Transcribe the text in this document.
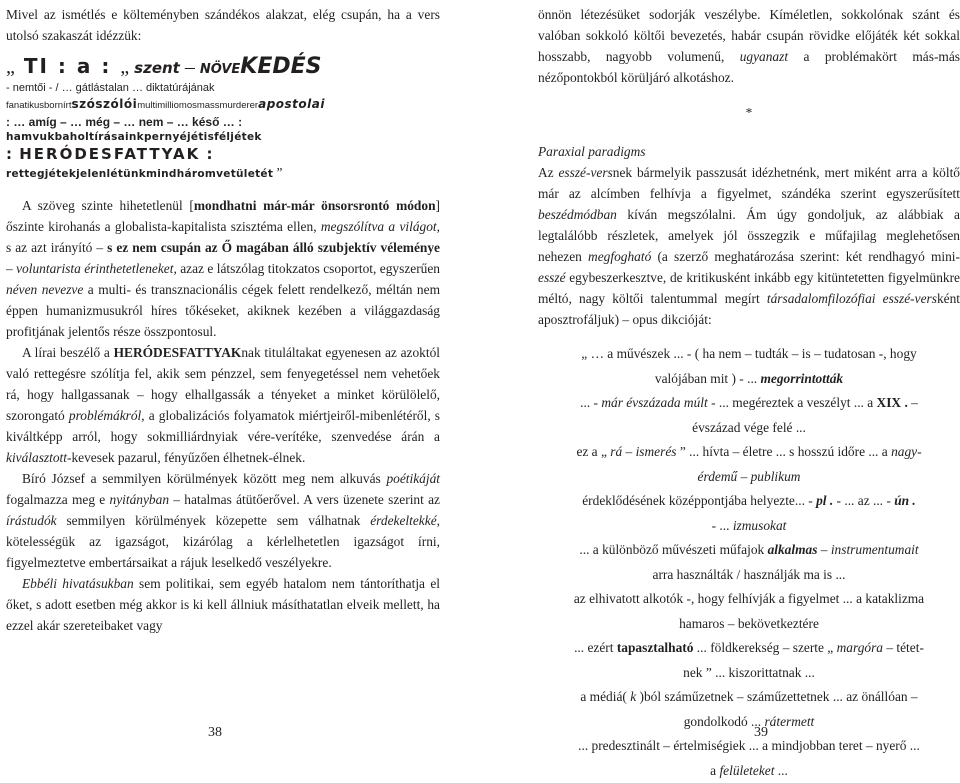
Mivel az ismétlés e költeményben szándékos alakzat, elég csupán, ha a vers utolsó szakaszát idézzük:

„ TI : a : „ szent – NÖVEKEDÉS

- nemtői - / … gátlástalan … diktatúrájának

fanatikusbornírtszószólóimultimilliomosmassmurdererapostolai

: … amíg – … még – … nem – … késő … :

hamvukbaholtírásainkpernyéjétisféljétek

: HERÓDESFATTYAK :

rettegjétekjelenlétünkmindháromvetületét ”

A szöveg szinte hihetetlenül [mondhatni már-már önsorsrontó módon] őszinte kirohanás a globalista-kapitalista szisztéma ellen, megszólítva a világot, s az azt irányító – s ez nem csupán az Ő magában álló szubjektív véleménye – voluntarista érinthetetleneket, azaz e látszólag titokzatos csoportot, egyszerűen néven nevezve a multi- és transznacionális cégek felett rendelkező, méltán nem éppen humanizmusukról híres tőkéseket, akiknek kezében a világgazdaság profitjának jelentős része összpontosul.

A lírai beszélő a HERÓDESFATTYAKnak tituláltakat egyenesen az azoktól való rettegésre szólítja fel, akik sem pénzzel, sem fenyegetéssel nem vehetőek rá, hogy hallgassanak – hogy elhallgassák a tényeket a minket körülölelő, szorongató problémákról, a globalizációs folyamatok miértjeiről-mibenlétéről, s kiváltképp arról, hogy sokmilliárdnyiak vére-verítéke, szenvedése árán a kiválasztott-kevesek pazarul, fényűzően élhetnek-élnek.

Bíró József a semmilyen körülmények között meg nem alkuvás poétikáját fogalmazza meg e nyitányban – hatalmas átütőerővel. A vers üzenete szerint az írástudók semmilyen körülmények közepette sem válhatnak érdekeltekké, kötelességük az igazságot, kizárólag a kérlelhetetlen igazságot írni, figyelmeztetve embertársaikat a rájuk leselkedő veszélyekre.

Ebbéli hivatásukban sem politikai, sem egyéb hatalom nem tántoríthatja el őket, s adott esetben még akkor is ki kell állniuk másíthatatlan elveik mellett, ha ezzel akár szereteibaket vagy

38

önnön létezésüket sodorják veszélybe. Kíméletlen, sokkolónak szánt és valóban sokkoló költői bevezetés, habár csupán rövidke előjáték két sokkal hosszabb, nagyobb volumenű, ugyanazt a problémakört más-más nézőpontokból körüljáró alkotáshoz.

*

Paraxial paradigms

Az esszé-versnek bármelyik passzusát idézhetnénk, mert miként arra a költő már az alcímben felhívja a figyelmet, szándéka szerint egyszerűsített beszédmódban kíván megszólalni. Ám úgy gondoljuk, az alábbiak a legtalálóbb részletek, amelyek jól összegzik e műfajilag meglehetősen nehezen megfogható (a szerző meghatározása szerint: két rendhagyó mini-esszé egybeszerkesztve, de kritikusként inkább egy kitüntetetten figyelmünkre méltó, nagy költői talentummal megírt társadalomfilozófiai esszé-versként aposztrofáljuk) – opus dikcióját:

„ … a művészek ... - ( ha nem – tudták – is – tudatosan -, hogy

valójában mit ) - ... megorrintották

... - már évszázada múlt - ... megéreztek a veszélyt ... a XIX . –

évszázad vége felé ...

ez a „ rá – ismerés ” ... hívta – életre ... s hosszú időre ... a nagy-

érdemű – publikum

érdeklődésének középpontjába helyezte... - pl . - ... az ... - ún .

- ... izmusokat

... a különböző művészeti műfajok alkalmas – instrumentumait

arra használták / használják ma is ...

az elhivatott alkotók -, hogy felhívják a figyelmet ... a kataklizma

hamaros – bekövetkeztére

... ezért tapasztalható ... földkerekség – szerte „ margóra – tétet-

nek ” ... kiszorittatnak ...

a médiá( k )ból száműzetnek – száműzettetnek ... az önállóan –

gondolkodó ... rátermett

... predesztinált – értelmiségiek ... a mindjobban teret – nyerő ...

a felületeket ...

39
